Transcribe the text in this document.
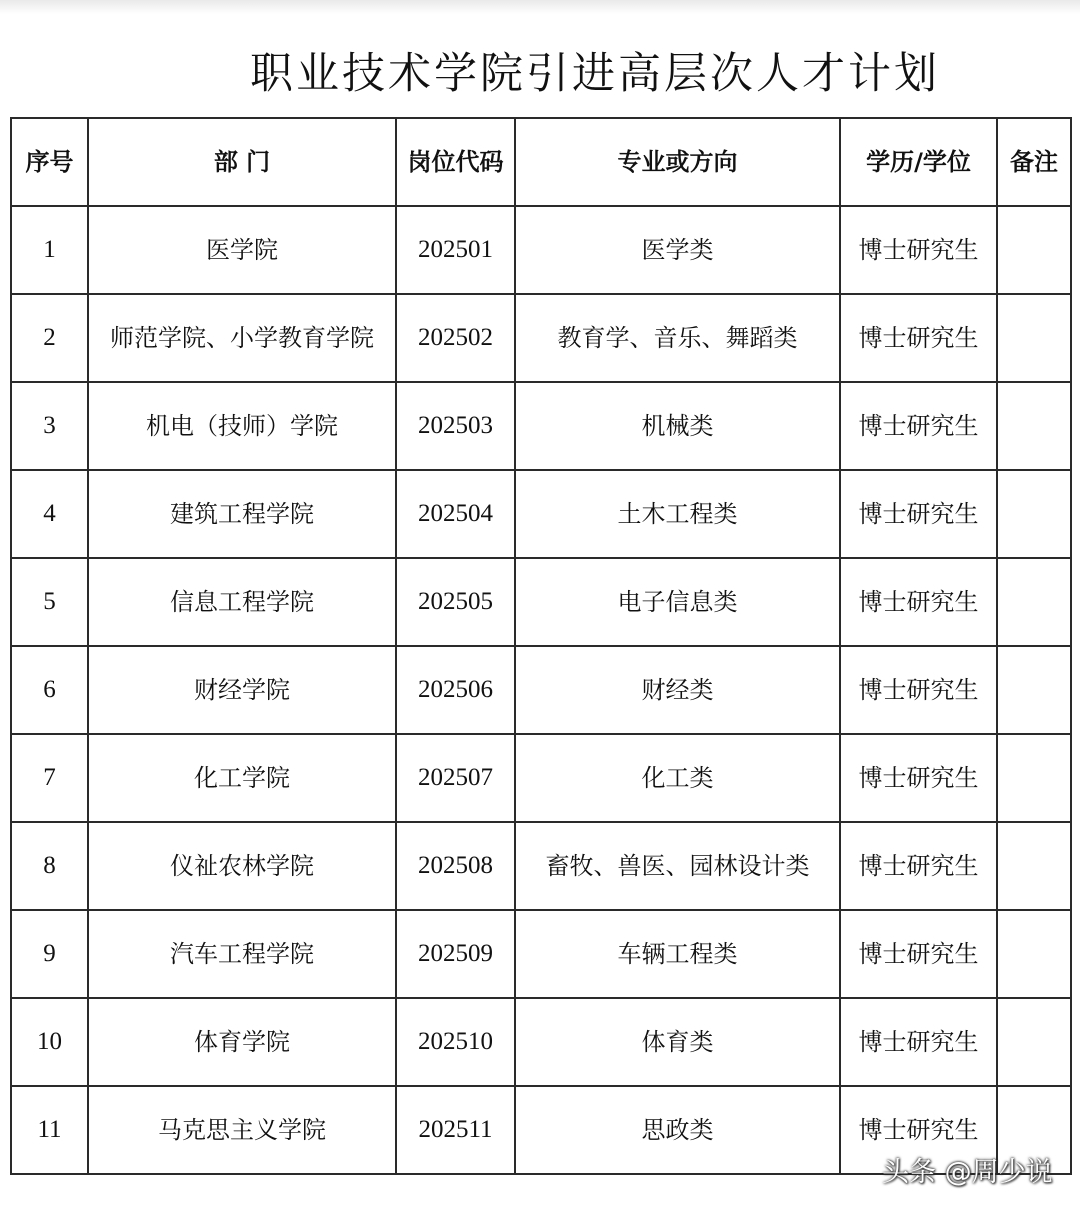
职业技术学院引进高层次人才计划
序号	部 门	岗位代码	专业或方向	学历/学位	备注
1	医学院	202501	医学类	博士研究生	
2	师范学院、小学教育学院	202502	教育学、音乐、舞蹈类	博士研究生	
3	机电（技师）学院	202503	机械类	博士研究生	
4	建筑工程学院	202504	土木工程类	博士研究生	
5	信息工程学院	202505	电子信息类	博士研究生	
6	财经学院	202506	财经类	博士研究生	
7	化工学院	202507	化工类	博士研究生	
8	仪祉农林学院	202508	畜牧、兽医、园林设计类	博士研究生	
9	汽车工程学院	202509	车辆工程类	博士研究生	
10	体育学院	202510	体育类	博士研究生	
11	马克思主义学院	202511	思政类	博士研究生	
头条 @周少说
